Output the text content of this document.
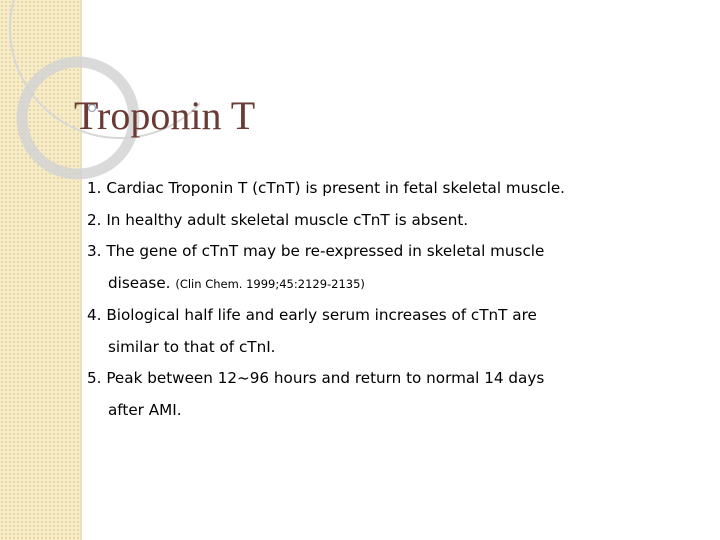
Troponin T

1. Cardiac Troponin T (cTnT) is present in fetal skeletal muscle.

2. In healthy adult skeletal muscle cTnT is absent.

3. The gene of cTnT may be re-expressed in skeletal muscle

disease. (Clin Chem. 1999;45:2129-2135)

4. Biological half life and early serum increases of cTnT are

similar to that of cTnI.

5. Peak between 12~96 hours and return to normal 14 days

after AMI.
